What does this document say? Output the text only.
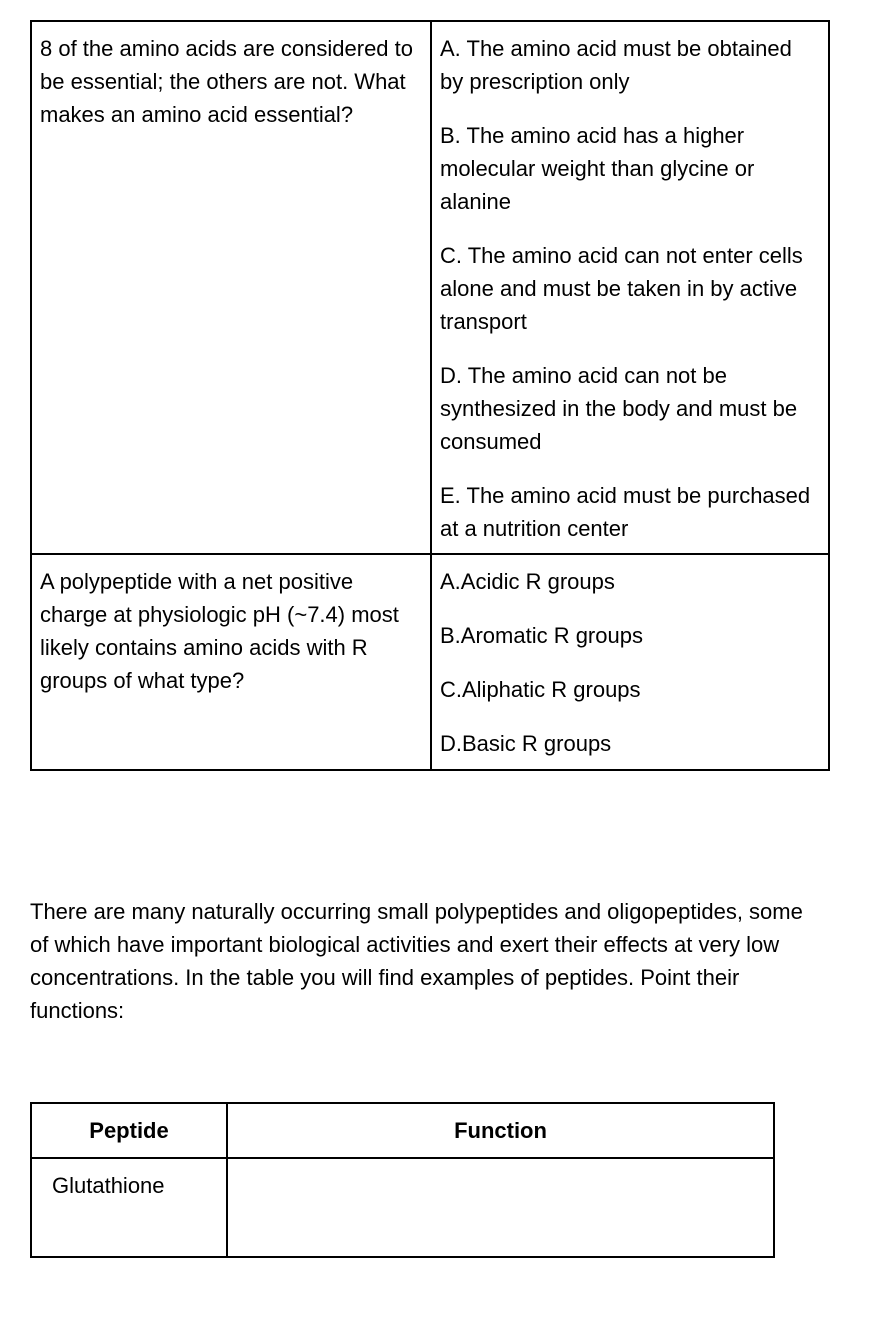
8 of the amino acids are considered to be essential; the others are not. What makes an amino acid essential?	A. The amino acid must be obtained by prescription only
B. The amino acid has a higher molecular weight than glycine or alanine
C. The amino acid can not enter cells alone and must be taken in by active transport
D. The amino acid can not be synthesized in the body and must be consumed
E. The amino acid must be purchased at a nutrition center

A polypeptide with a net positive charge at physiologic pH (~7.4) most likely contains amino acids with R groups of what type?	A.Acidic R groups
B.Aromatic R groups
C.Aliphatic R groups
D.Basic R groups

There are many naturally occurring small polypeptides and oligopeptides, some of which have important biological activities and exert their effects at very low concentrations. In the table you will find examples of peptides. Point their functions:

Peptide	Function
Glutathione	
